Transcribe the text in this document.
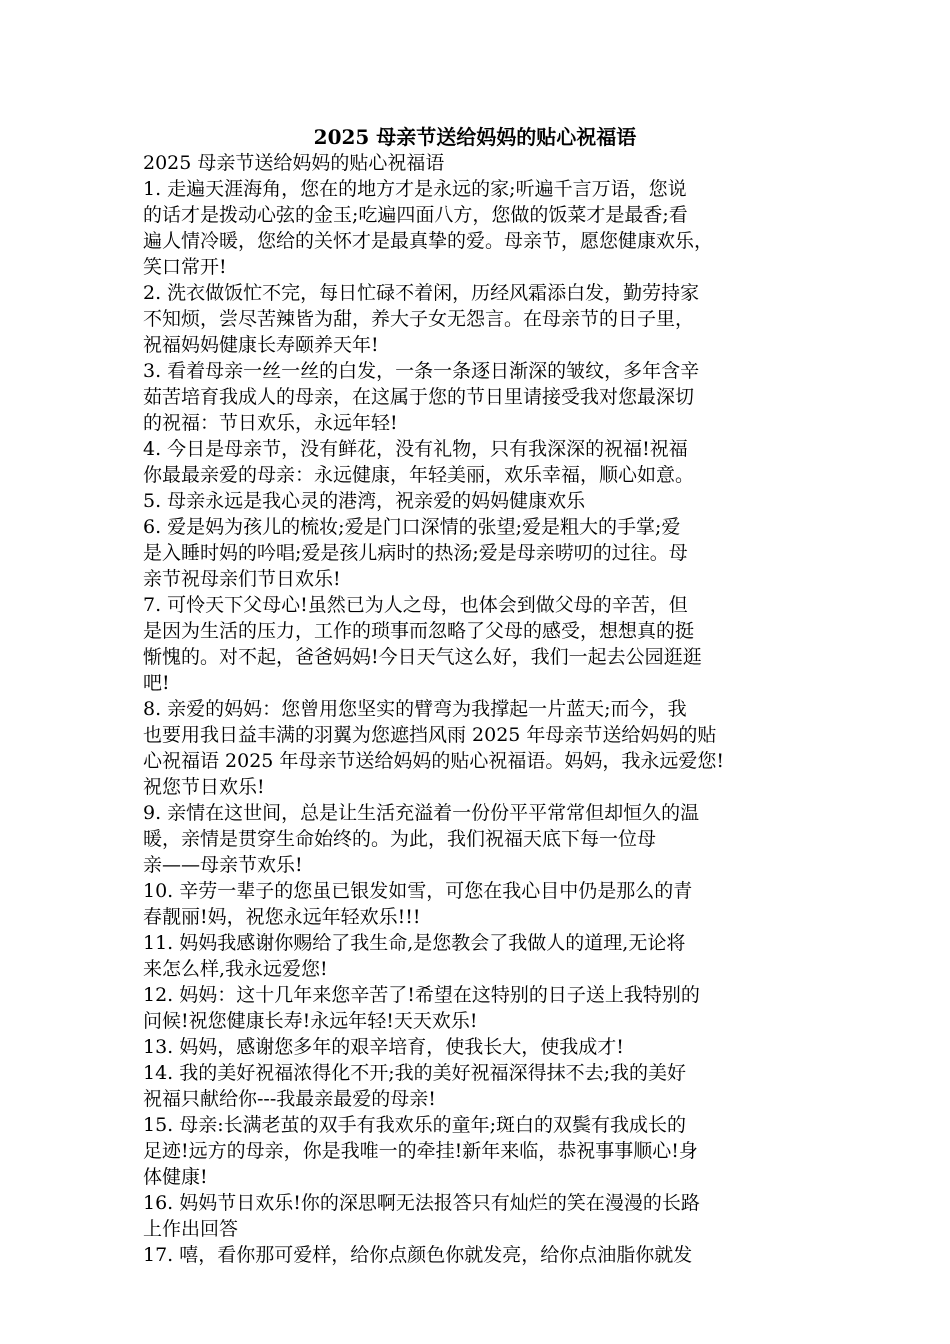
2025 母亲节送给妈妈的贴心祝福语
2025 母亲节送给妈妈的贴心祝福语
1. 走遍天涯海角，您在的地方才是永远的家;听遍千言万语，您说
的话才是拨动心弦的金玉;吃遍四面八方，您做的饭菜才是最香;看
遍人情冷暖，您给的关怀才是最真挚的爱。母亲节，愿您健康欢乐，
笑口常开!
2. 洗衣做饭忙不完，每日忙碌不着闲，历经风霜添白发，勤劳持家
不知烦，尝尽苦辣皆为甜，养大子女无怨言。在母亲节的日子里，
祝福妈妈健康长寿颐养天年!
3. 看着母亲一丝一丝的白发，一条一条逐日渐深的皱纹，多年含辛
茹苦培育我成人的母亲，在这属于您的节日里请接受我对您最深切
的祝福：节日欢乐，永远年轻!
4. 今日是母亲节，没有鲜花，没有礼物，只有我深深的祝福!祝福
你最最亲爱的母亲：永远健康，年轻美丽，欢乐幸福，顺心如意。
5. 母亲永远是我心灵的港湾，祝亲爱的妈妈健康欢乐
6. 爱是妈为孩儿的梳妆;爱是门口深情的张望;爱是粗大的手掌;爱
是入睡时妈的吟唱;爱是孩儿病时的热汤;爱是母亲唠叨的过往。母
亲节祝母亲们节日欢乐!
7. 可怜天下父母心!虽然已为人之母，也体会到做父母的辛苦，但
是因为生活的压力，工作的琐事而忽略了父母的感受，想想真的挺
惭愧的。对不起，爸爸妈妈!今日天气这么好，我们一起去公园逛逛
吧!
8. 亲爱的妈妈：您曾用您坚实的臂弯为我撑起一片蓝天;而今，我
也要用我日益丰满的羽翼为您遮挡风雨 2025 年母亲节送给妈妈的贴
心祝福语 2025 年母亲节送给妈妈的贴心祝福语。妈妈，我永远爱您!
祝您节日欢乐!
9. 亲情在这世间，总是让生活充溢着一份份平平常常但却恒久的温
暖，亲情是贯穿生命始终的。为此，我们祝福天底下每一位母
亲——母亲节欢乐!
10. 辛劳一辈子的您虽已银发如雪，可您在我心目中仍是那么的青
春靓丽!妈，祝您永远年轻欢乐!!!
11. 妈妈我感谢你赐给了我生命,是您教会了我做人的道理,无论将
来怎么样,我永远爱您!
12. 妈妈：这十几年来您辛苦了!希望在这特别的日子送上我特别的
问候!祝您健康长寿!永远年轻!天天欢乐!
13. 妈妈，感谢您多年的艰辛培育，使我长大，使我成才!
14. 我的美好祝福浓得化不开;我的美好祝福深得抹不去;我的美好
祝福只献给你---我最亲最爱的母亲!
15. 母亲:长满老茧的双手有我欢乐的童年;斑白的双鬓有我成长的
足迹!远方的母亲，你是我唯一的牵挂!新年来临，恭祝事事顺心!身
体健康!
16. 妈妈节日欢乐!你的深思啊无法报答只有灿烂的笑在漫漫的长路
上作出回答
17. 嘻，看你那可爱样，给你点颜色你就发亮，给你点油脂你就发
